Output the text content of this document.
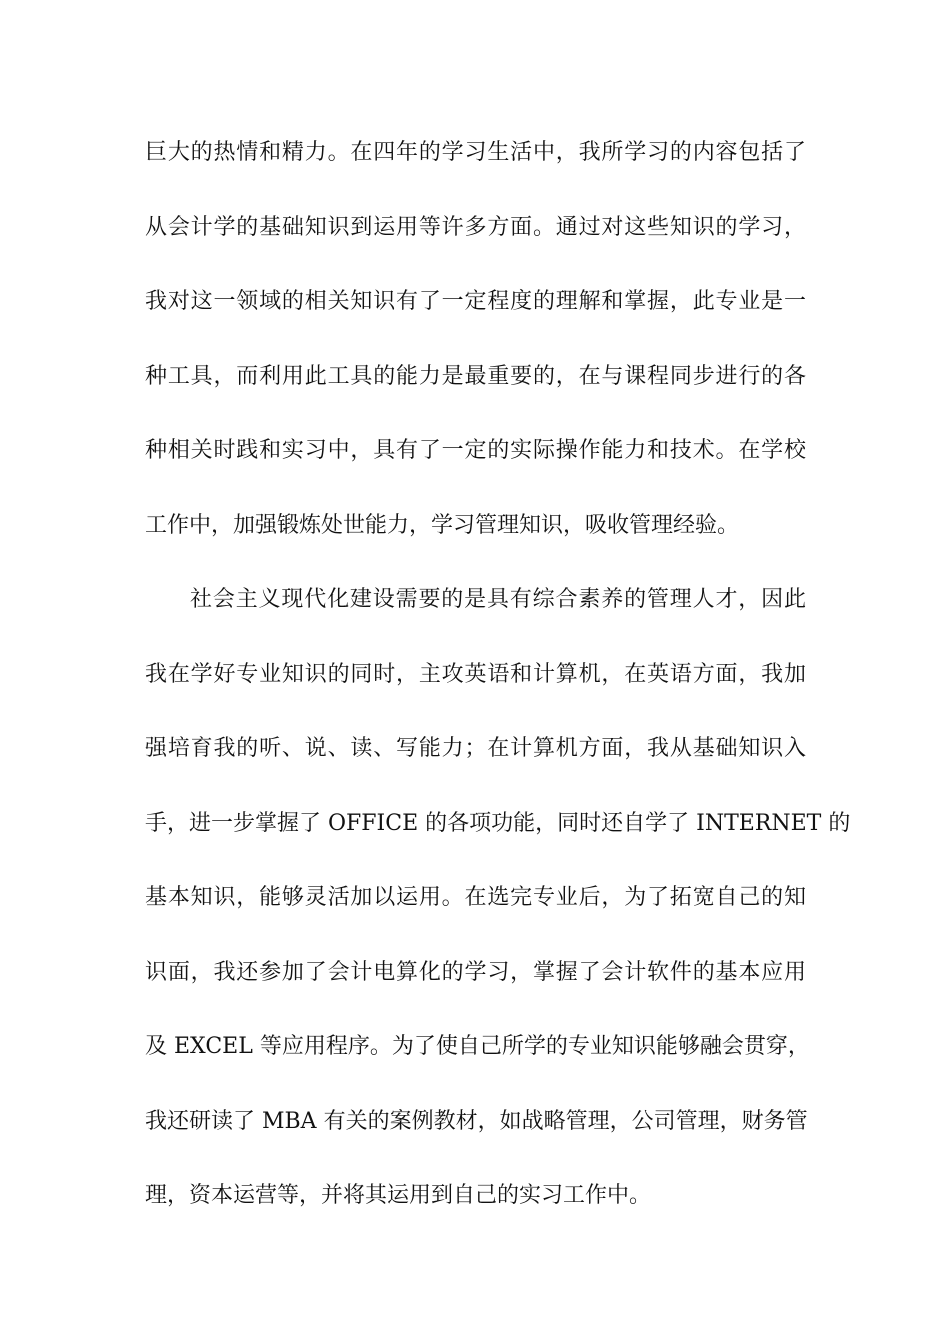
巨大的热情和精力。在四年的学习生活中，我所学习的内容包括了
从会计学的基础知识到运用等许多方面。通过对这些知识的学习，
我对这一领域的相关知识有了一定程度的理解和掌握，此专业是一
种工具，而利用此工具的能力是最重要的，在与课程同步进行的各
种相关时践和实习中，具有了一定的实际操作能力和技术。在学校
工作中，加强锻炼处世能力，学习管理知识，吸收管理经验。
社会主义现代化建设需要的是具有综合素养的管理人才，因此
我在学好专业知识的同时，主攻英语和计算机，在英语方面，我加
强培育我的听、说、读、写能力；在计算机方面，我从基础知识入
手，进一步掌握了 OFFICE 的各项功能，同时还自学了 INTERNET 的
基本知识，能够灵活加以运用。在选完专业后，为了拓宽自己的知
识面，我还参加了会计电算化的学习，掌握了会计软件的基本应用
及 EXCEL 等应用程序。为了使自己所学的专业知识能够融会贯穿，
我还研读了 MBA 有关的案例教材，如战略管理，公司管理，财务管
理，资本运营等，并将其运用到自己的实习工作中。
